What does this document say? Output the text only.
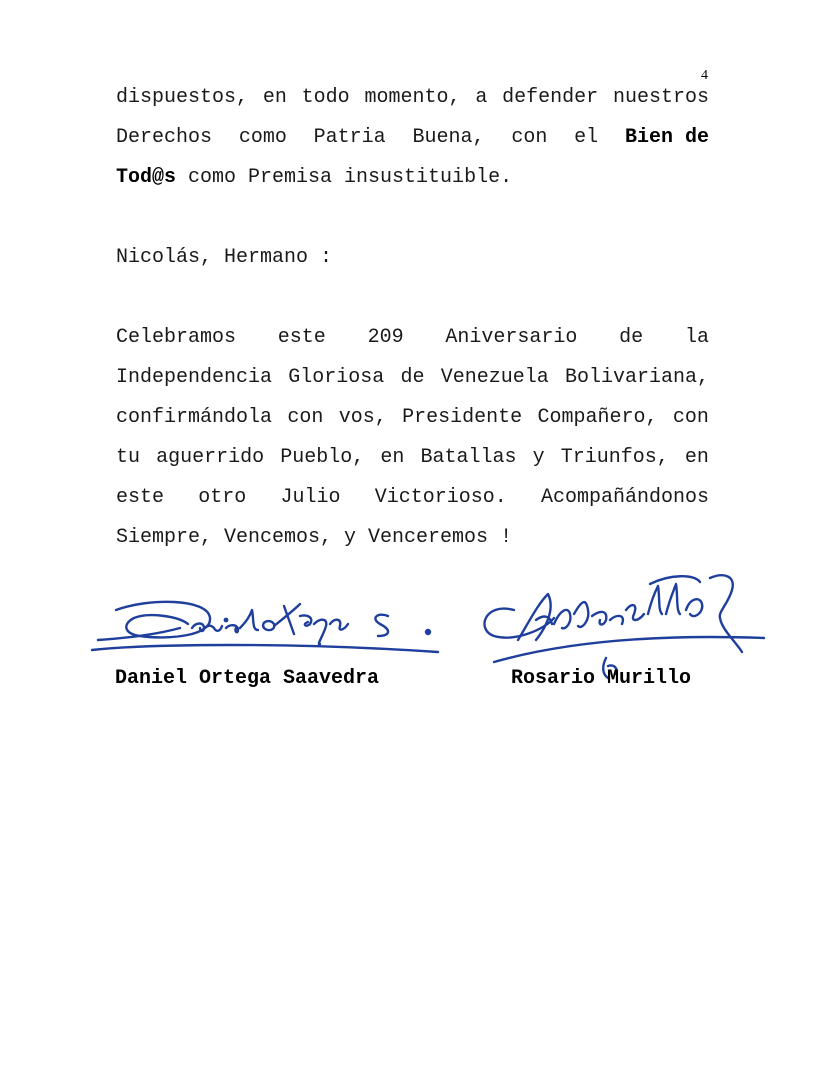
4
dispuestos, en todo momento, a defender nuestros
Derechos como Patria Buena, con el Bien de
Tod@s como Premisa insustituible.
Nicolás, Hermano :
Celebramos este 209 Aniversario de la
Independencia Gloriosa de Venezuela Bolivariana,
confirmándola con vos, Presidente Compañero, con
tu aguerrido Pueblo, en Batallas y Triunfos, en
este otro Julio Victorioso. Acompañándonos
Siempre, Vencemos, y Venceremos !
Daniel Ortega Saavedra	Rosario Murillo
